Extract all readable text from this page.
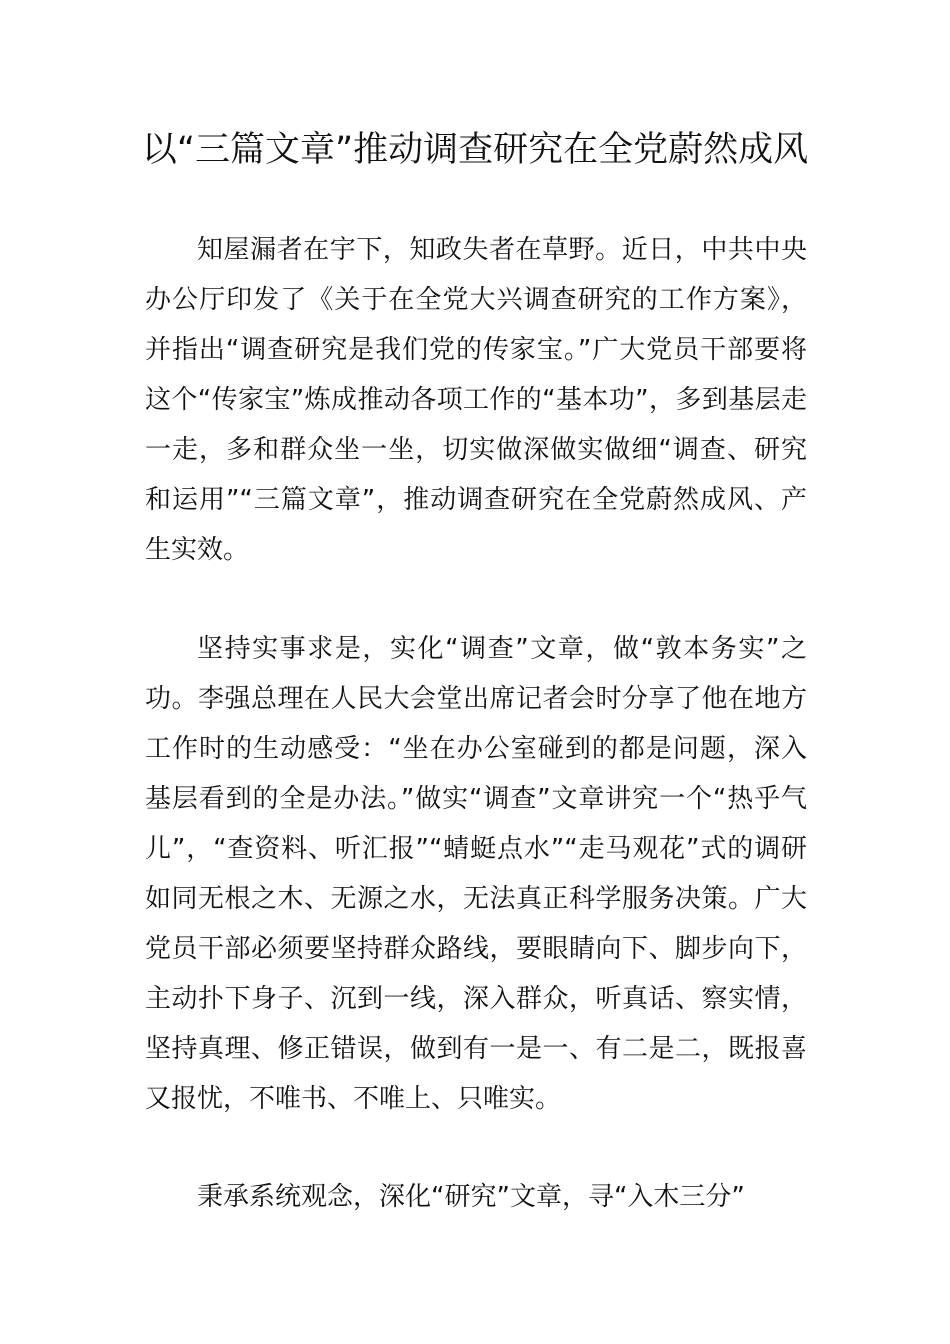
以“三篇文章”推动调查研究在全党蔚然成风

知屋漏者在宇下，知政失者在草野。近日，中共中央办公厅印发了《关于在全党大兴调查研究的工作方案》，并指出“调查研究是我们党的传家宝。”广大党员干部要将这个“传家宝”炼成推动各项工作的“基本功”，多到基层走一走，多和群众坐一坐，切实做深做实做细“调查、研究和运用”“三篇文章”，推动调查研究在全党蔚然成风、产生实效。

坚持实事求是，实化“调查”文章，做“敦本务实”之功。李强总理在人民大会堂出席记者会时分享了他在地方工作时的生动感受：“坐在办公室碰到的都是问题，深入基层看到的全是办法。”做实“调查”文章讲究一个“热乎气儿”，“查资料、听汇报”“蜻蜓点水”“走马观花”式的调研如同无根之木、无源之水，无法真正科学服务决策。广大党员干部必须要坚持群众路线，要眼睛向下、脚步向下，主动扑下身子、沉到一线，深入群众，听真话、察实情，坚持真理、修正错误，做到有一是一、有二是二，既报喜又报忧，不唯书、不唯上、只唯实。

秉承系统观念，深化“研究”文章，寻“入木三分”
